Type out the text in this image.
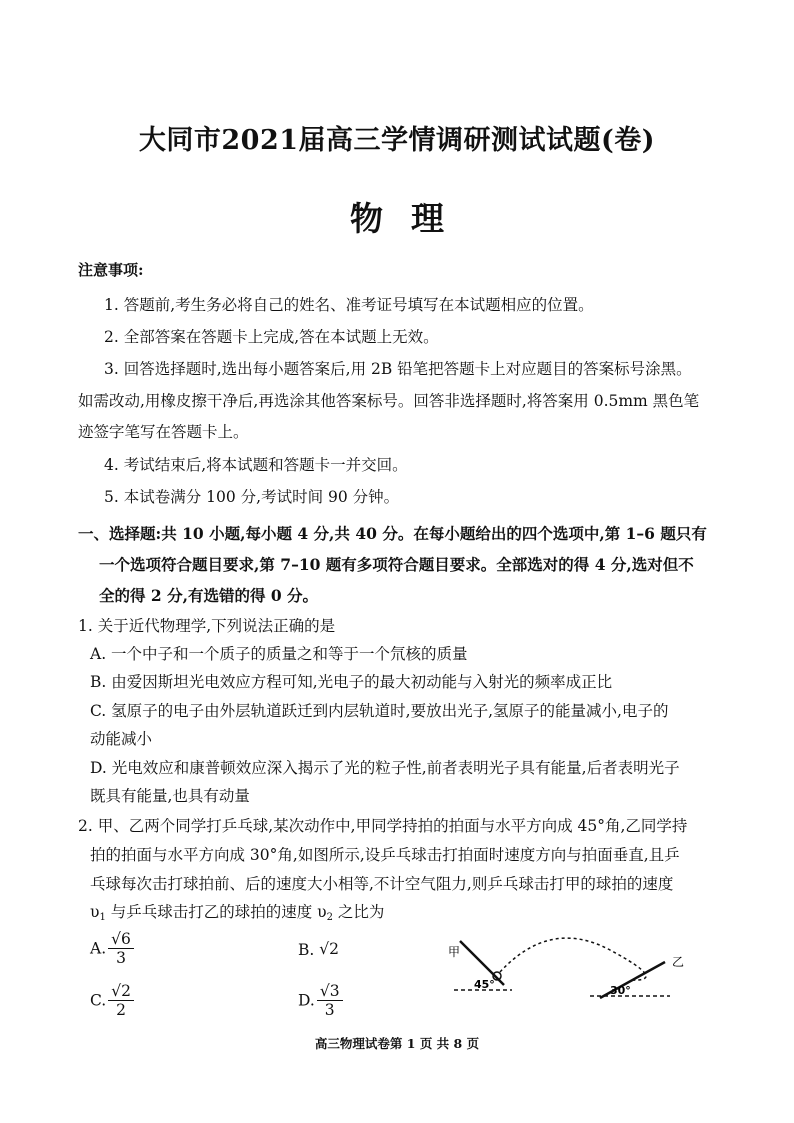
大同市2021届高三学情调研测试试题(卷)
物理
注意事项:
1. 答题前,考生务必将自己的姓名、准考证号填写在本试题相应的位置。
2. 全部答案在答题卡上完成,答在本试题上无效。
3. 回答选择题时,选出每小题答案后,用 2B 铅笔把答题卡上对应题目的答案标号涂黑。
如需改动,用橡皮擦干净后,再选涂其他答案标号。回答非选择题时,将答案用 0.5mm 黑色笔
迹签字笔写在答题卡上。
4. 考试结束后,将本试题和答题卡一并交回。
5. 本试卷满分 100 分,考试时间 90 分钟。
一、选择题:共 10 小题,每小题 4 分,共 40 分。在每小题给出的四个选项中,第 1–6 题只有
一个选项符合题目要求,第 7–10 题有多项符合题目要求。全部选对的得 4 分,选对但不
全的得 2 分,有选错的得 0 分。
1. 关于近代物理学,下列说法正确的是
A. 一个中子和一个质子的质量之和等于一个氘核的质量
B. 由爱因斯坦光电效应方程可知,光电子的最大初动能与入射光的频率成正比
C. 氢原子的电子由外层轨道跃迁到内层轨道时,要放出光子,氢原子的能量减小,电子的
动能减小
D. 光电效应和康普顿效应深入揭示了光的粒子性,前者表明光子具有能量,后者表明光子
既具有能量,也具有动量
2. 甲、乙两个同学打乒乓球,某次动作中,甲同学持拍的拍面与水平方向成 45°角,乙同学持
拍的拍面与水平方向成 30°角,如图所示,设乒乓球击打拍面时速度方向与拍面垂直,且乒
乓球每次击打球拍前、后的速度大小相等,不计空气阻力,则乒乓球击打甲的球拍的速度
$\upsilon_1$ 与乒乓球击打乙的球拍的速度 $\upsilon_2$ 之比为
A. $\frac{√6}{3}$	B. √2
C. $\frac{√2}{2}$	D. $\frac{√3}{3}$
甲
乙
45°	30°
高三物理试卷第 1 页 共 8 页
